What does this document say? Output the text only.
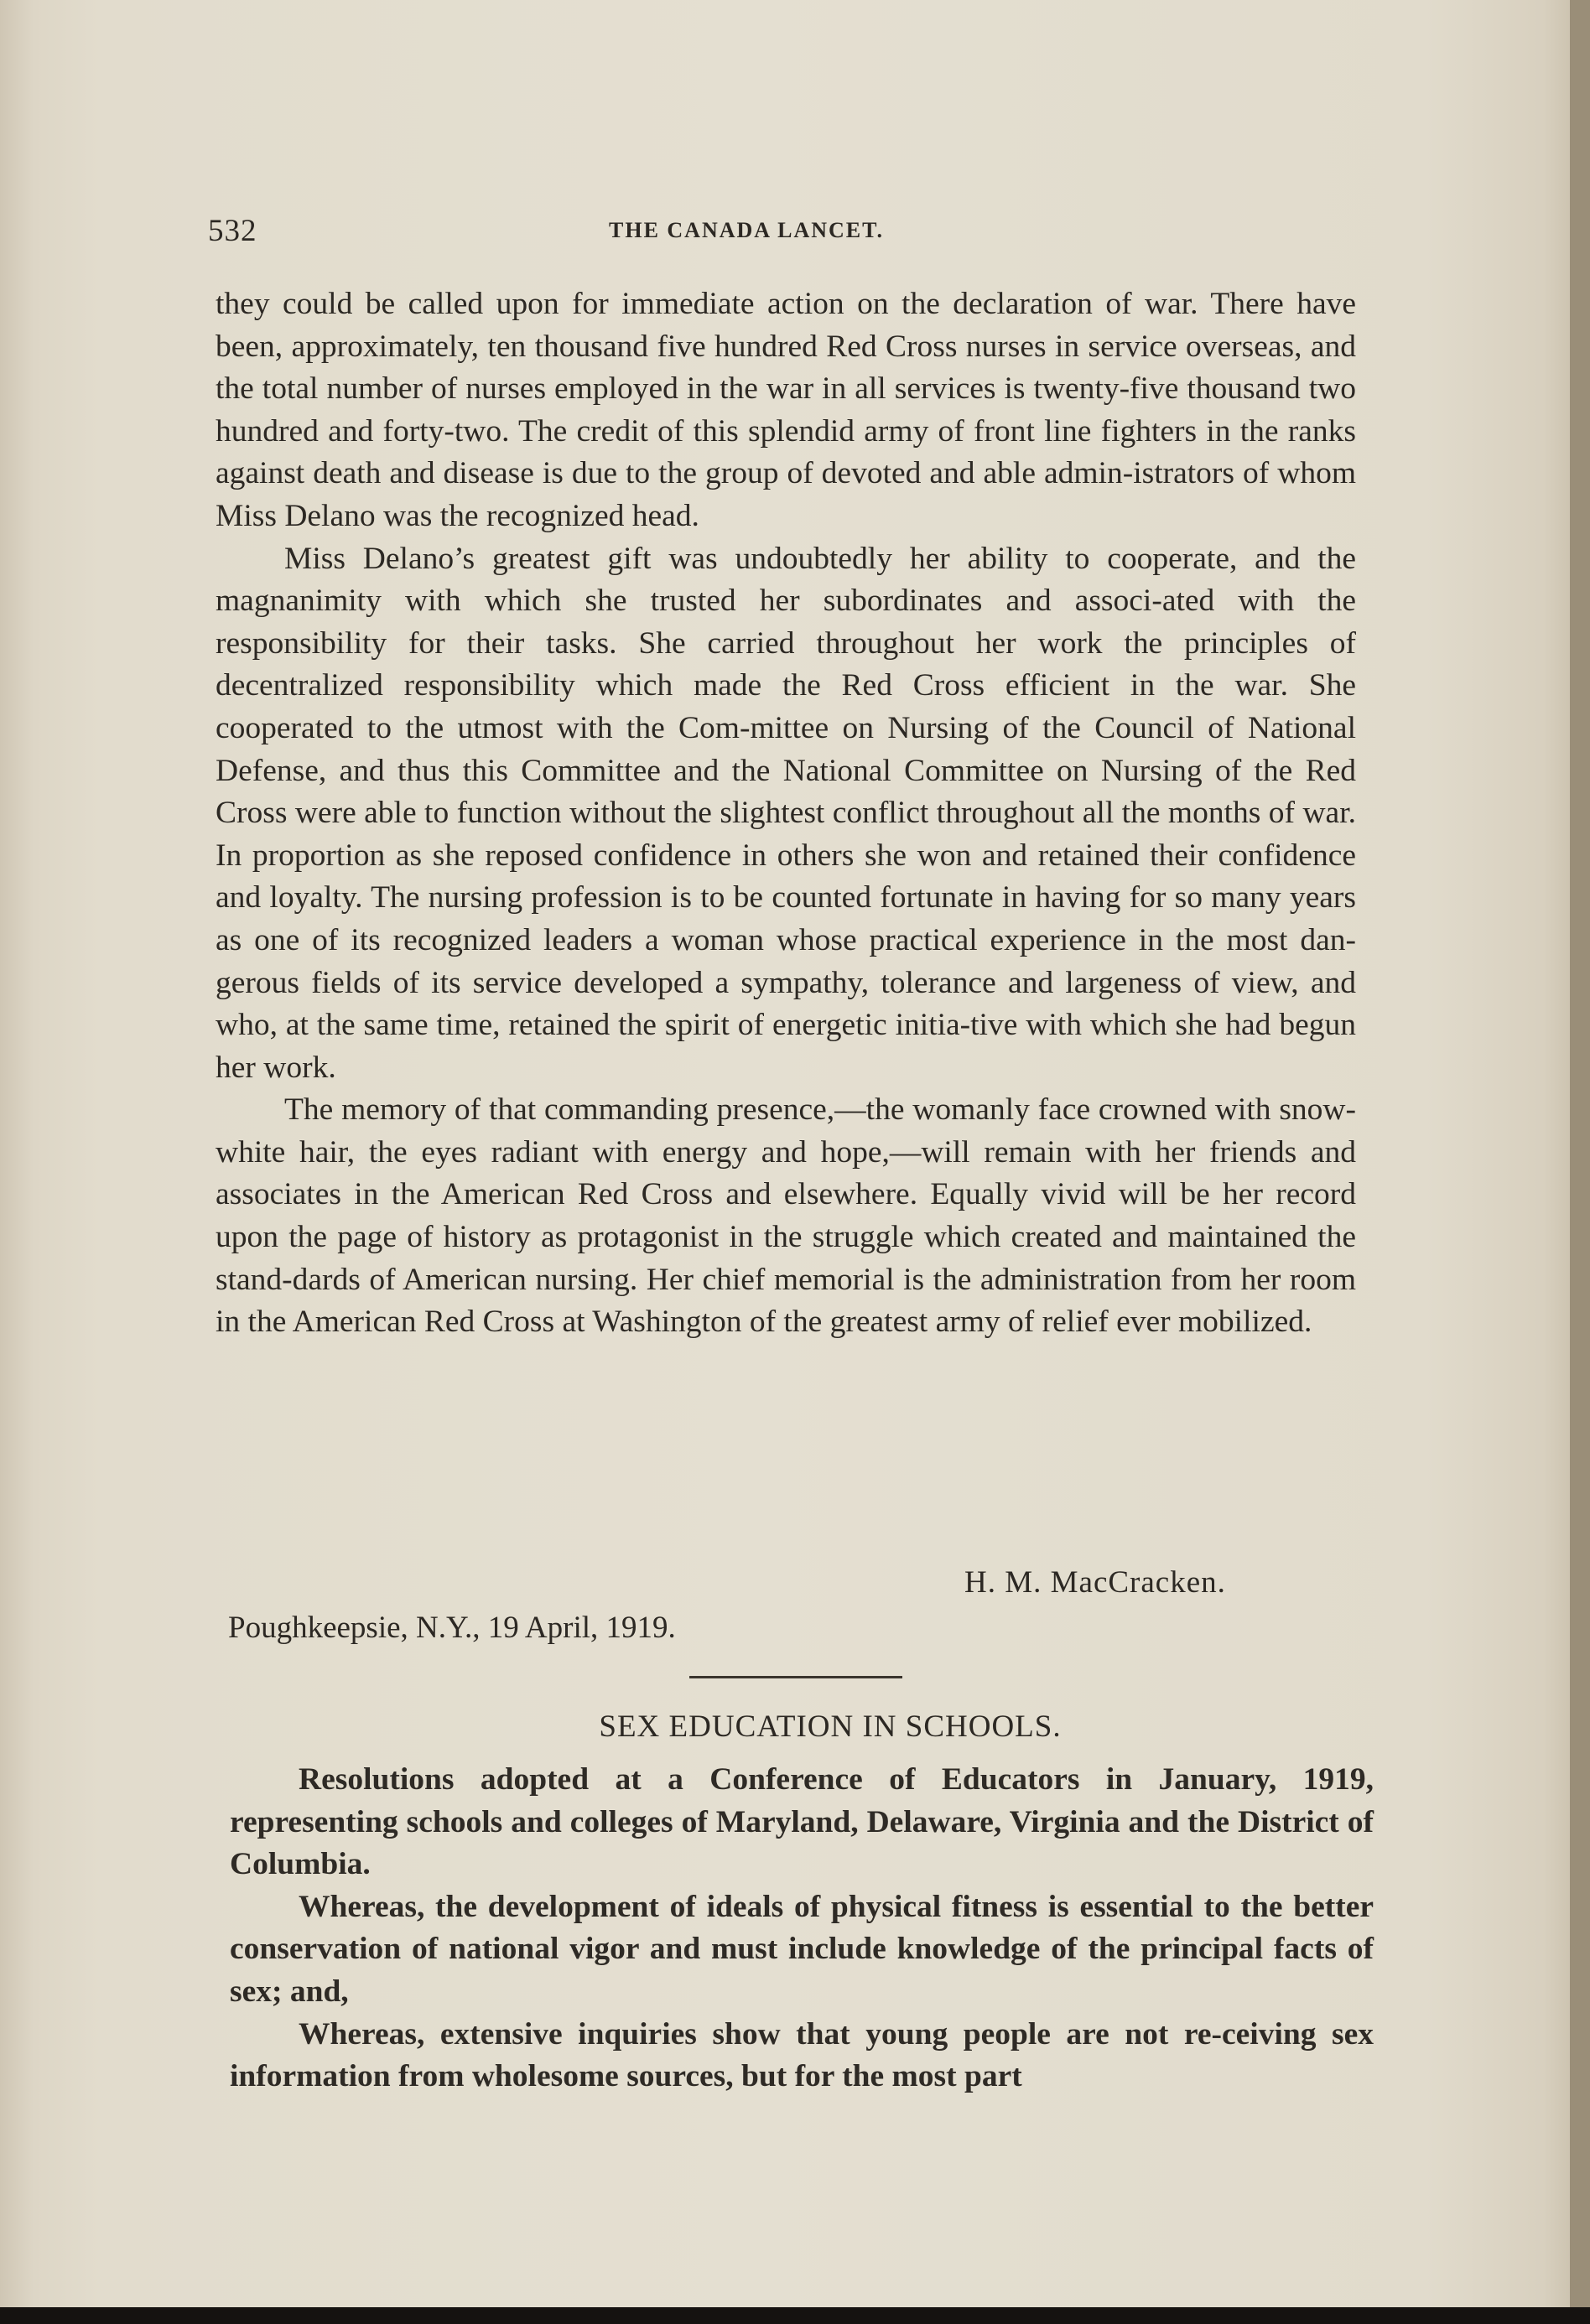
532	THE CANADA LANCET.

they could be called upon for immediate action on the declaration of war. There have been, approximately, ten thousand five hundred Red Cross nurses in service overseas, and the total number of nurses employed in the war in all services is twenty-five thousand two hundred and forty-two. The credit of this splendid army of front line fighters in the ranks against death and disease is due to the group of devoted and able admin-istrators of whom Miss Delano was the recognized head.

Miss Delano’s greatest gift was undoubtedly her ability to cooperate, and the magnanimity with which she trusted her subordinates and associ-ated with the responsibility for their tasks. She carried throughout her work the principles of decentralized responsibility which made the Red Cross efficient in the war. She cooperated to the utmost with the Com-mittee on Nursing of the Council of National Defense, and thus this Committee and the National Committee on Nursing of the Red Cross were able to function without the slightest conflict throughout all the months of war. In proportion as she reposed confidence in others she won and retained their confidence and loyalty. The nursing profession is to be counted fortunate in having for so many years as one of its recognized leaders a woman whose practical experience in the most dan-gerous fields of its service developed a sympathy, tolerance and largeness of view, and who, at the same time, retained the spirit of energetic initia-tive with which she had begun her work.

The memory of that commanding presence,—the womanly face crowned with snow-white hair, the eyes radiant with energy and hope,—will remain with her friends and associates in the American Red Cross and elsewhere. Equally vivid will be her record upon the page of history as protagonist in the struggle which created and maintained the stand-dards of American nursing. Her chief memorial is the administration from her room in the American Red Cross at Washington of the greatest army of relief ever mobilized.

H. M. MacCracken.
Poughkeepsie, N.Y., 19 April, 1919.
SEX EDUCATION IN SCHOOLS.

Resolutions adopted at a Conference of Educators in January, 1919, representing schools and colleges of Maryland, Delaware, Virginia and the District of Columbia.

Whereas, the development of ideals of physical fitness is essential to the better conservation of national vigor and must include knowledge of the principal facts of sex; and,

Whereas, extensive inquiries show that young people are not re-ceiving sex information from wholesome sources, but for the most part
